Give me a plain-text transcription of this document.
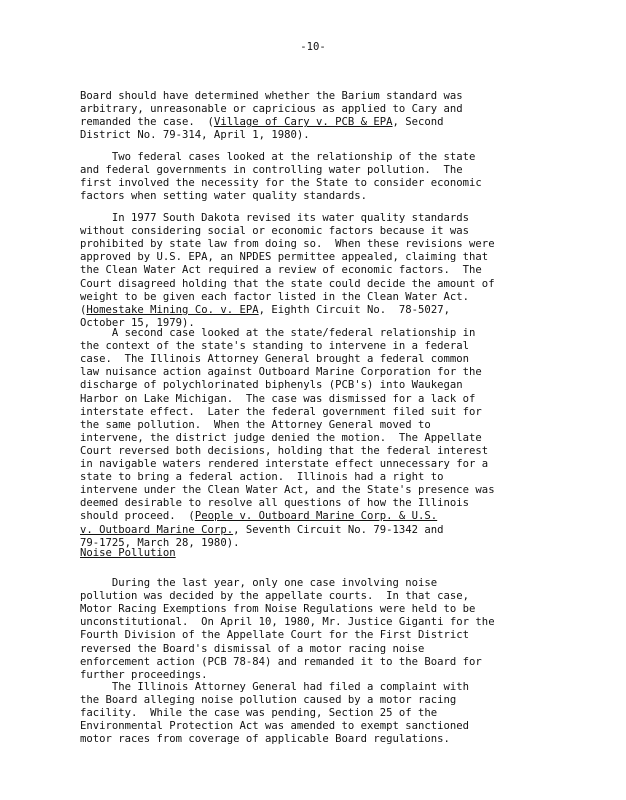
-10-
Board should have determined whether the Barium standard was
arbitrary, unreasonable or capricious as applied to Cary and
remanded the case.  (Village of Cary v. PCB & EPA, Second
District No. 79-314, April 1, 1980).
Two federal cases looked at the relationship of the state
and federal governments in controlling water pollution.  The
first involved the necessity for the State to consider economic
factors when setting water quality standards.
In 1977 South Dakota revised its water quality standards
without considering social or economic factors because it was
prohibited by state law from doing so.  When these revisions were
approved by U.S. EPA, an NPDES permittee appealed, claiming that
the Clean Water Act required a review of economic factors.  The
Court disagreed holding that the state could decide the amount of
weight to be given each factor listed in the Clean Water Act.
(Homestake Mining Co. v. EPA, Eighth Circuit No.  78-5027,
October 15, 1979).
A second case looked at the state/federal relationship in
the context of the state's standing to intervene in a federal
case.  The Illinois Attorney General brought a federal common
law nuisance action against Outboard Marine Corporation for the
discharge of polychlorinated biphenyls (PCB's) into Waukegan
Harbor on Lake Michigan.  The case was dismissed for a lack of
interstate effect.  Later the federal government filed suit for
the same pollution.  When the Attorney General moved to
intervene, the district judge denied the motion.  The Appellate
Court reversed both decisions, holding that the federal interest
in navigable waters rendered interstate effect unnecessary for a
state to bring a federal action.  Illinois had a right to
intervene under the Clean Water Act, and the State's presence was
deemed desirable to resolve all questions of how the Illinois
should proceed.  (People v. Outboard Marine Corp. & U.S.
v. Outboard Marine Corp., Seventh Circuit No. 79-1342 and
79-1725, March 28, 1980).
Noise Pollution
During the last year, only one case involving noise
pollution was decided by the appellate courts.  In that case,
Motor Racing Exemptions from Noise Regulations were held to be
unconstitutional.  On April 10, 1980, Mr. Justice Giganti for the
Fourth Division of the Appellate Court for the First District
reversed the Board's dismissal of a motor racing noise
enforcement action (PCB 78-84) and remanded it to the Board for
further proceedings.
The Illinois Attorney General had filed a complaint with
the Board alleging noise pollution caused by a motor racing
facility.  While the case was pending, Section 25 of the
Environmental Protection Act was amended to exempt sanctioned
motor races from coverage of applicable Board regulations.
